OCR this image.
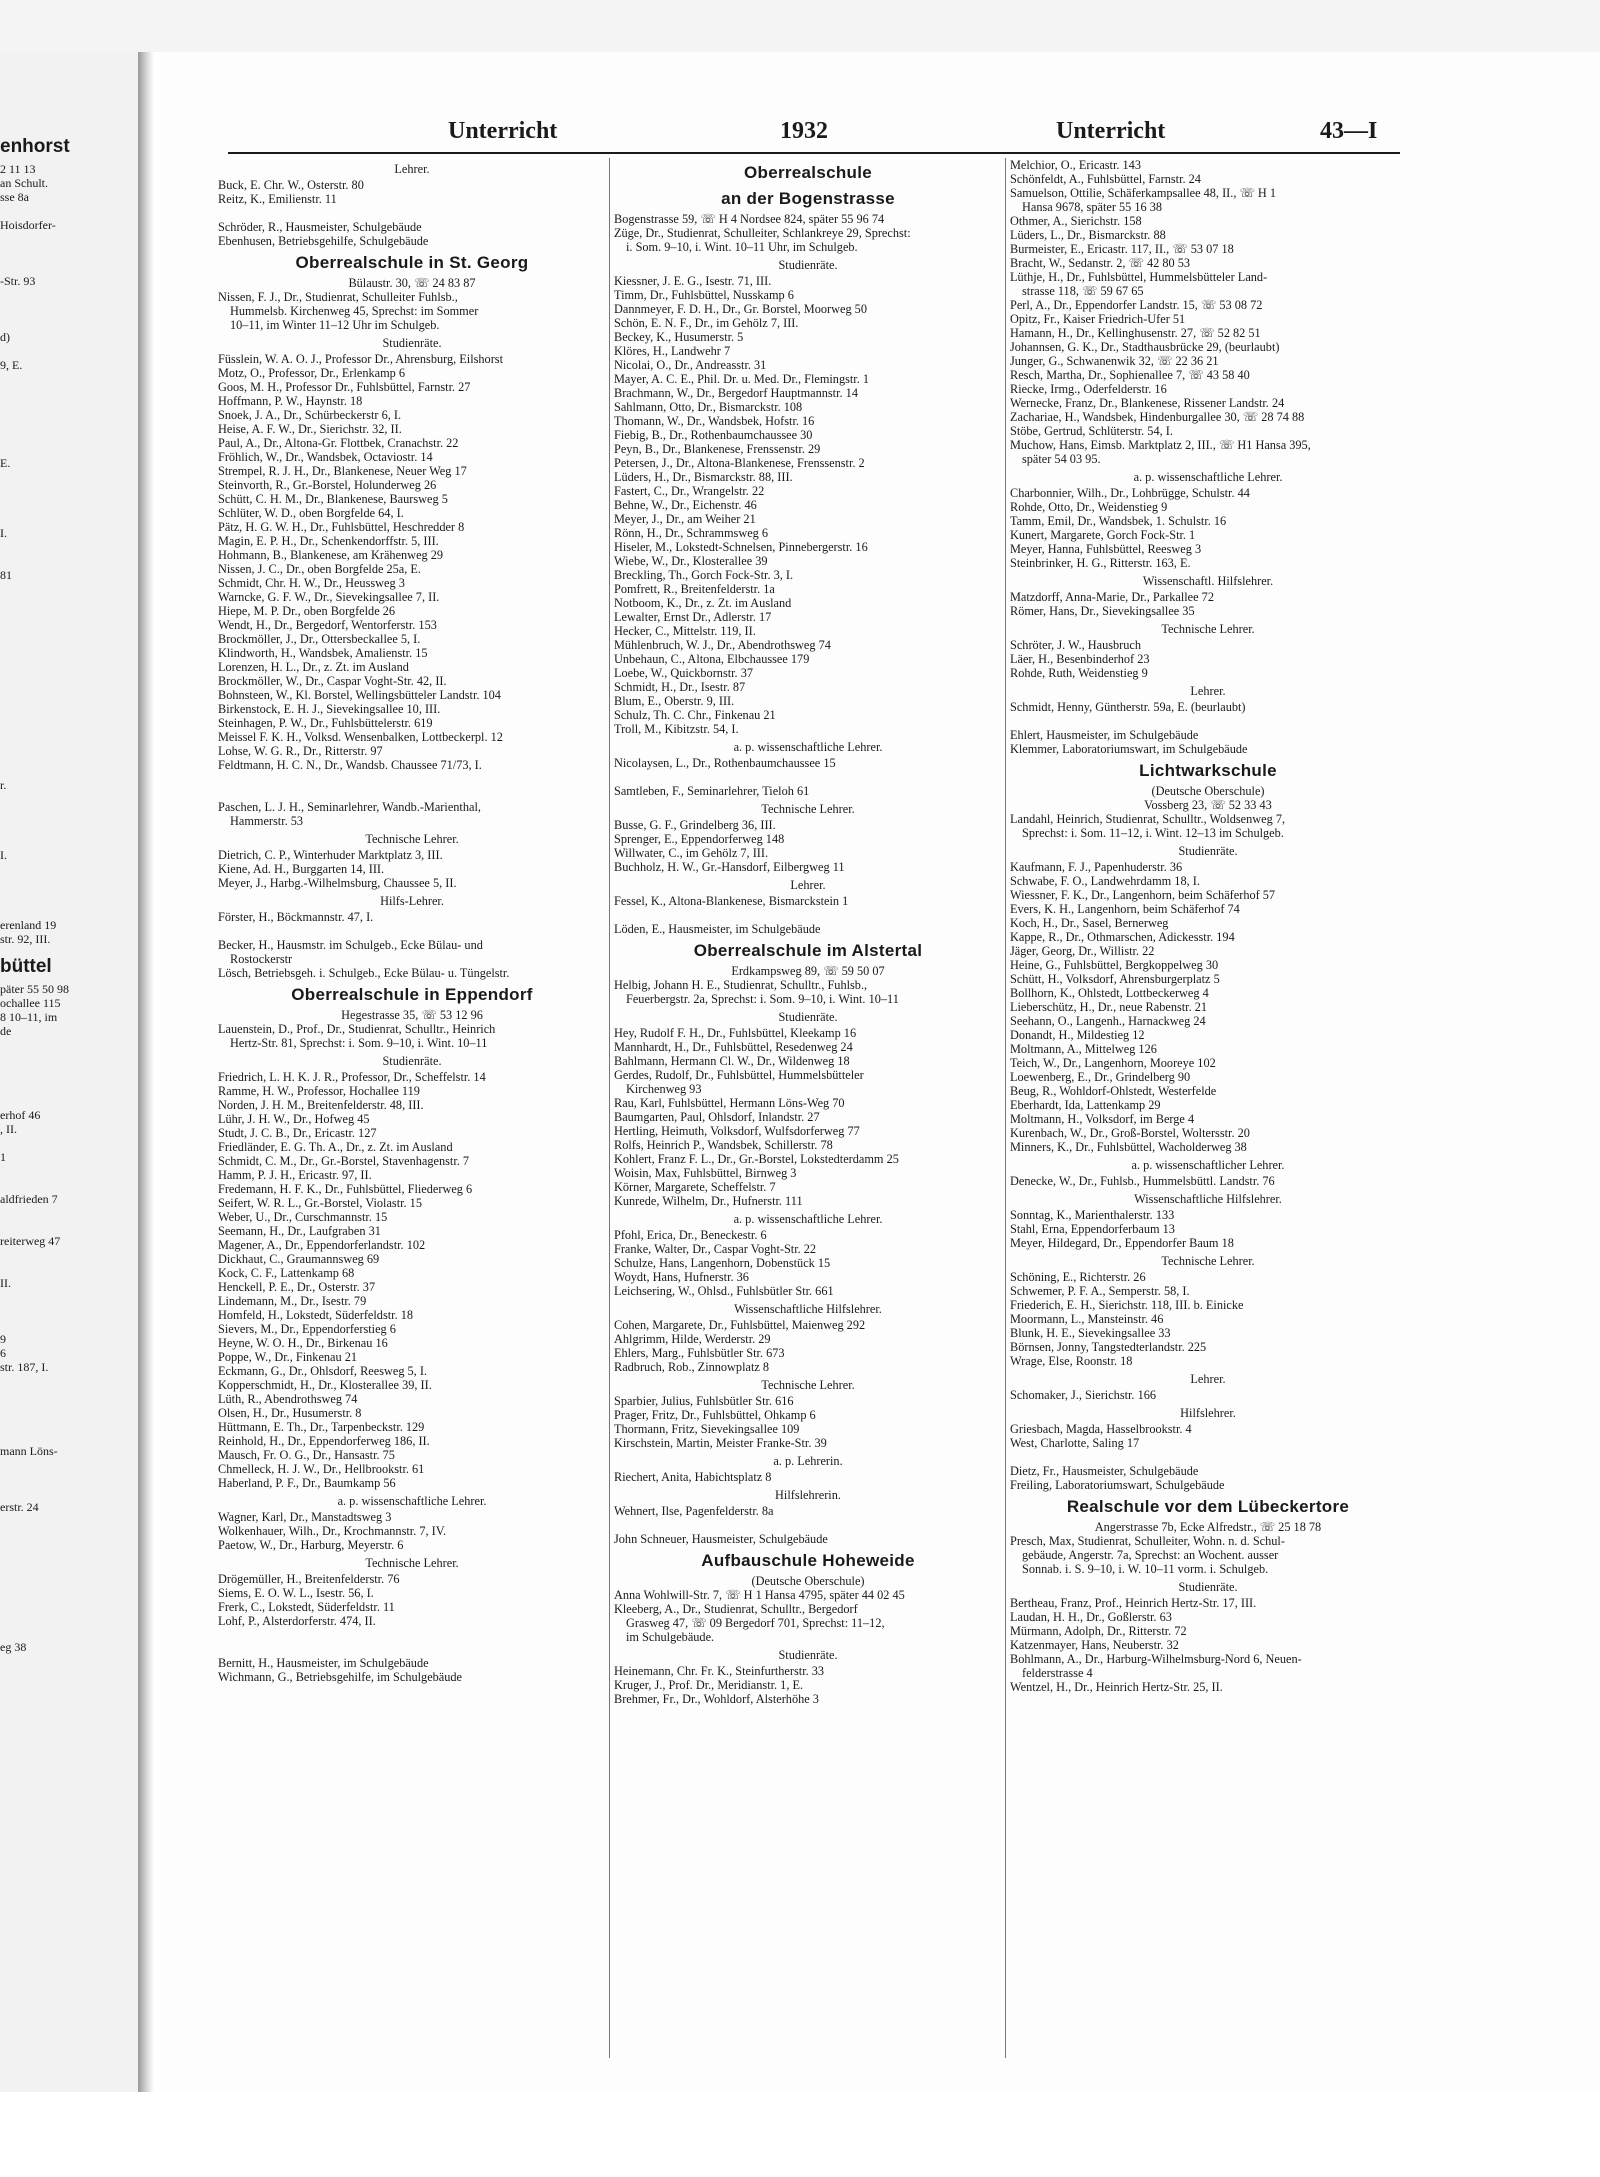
enhorst
2 11 13
an Schult.
sse 8a
Hoisdorfer-
-Str. 93
d)
9, E.
E.
I.
81
r.
I.
erenland 19
str. 92, III.
büttel
päter 55 50 98
ochallee 115
8 10–11, im
de
erhof 46
, II.
1
aldfrieden 7
reiterweg 47
II.
9
6
str. 187, I.
mann Löns-
erstr. 24
eg 38
Unterricht	1932	Unterricht	43—I
Lehrer.
Buck, E. Chr. W., Osterstr. 80
Reitz, K., Emilienstr. 11
Schröder, R., Hausmeister, Schulgebäude
Ebenhusen, Betriebsgehilfe, Schulgebäude
Oberrealschule in St. Georg
Bülaustr. 30, ☏ 24 83 87
Nissen, F. J., Dr., Studienrat, Schulleiter Fuhlsb.,
Hummelsb. Kirchenweg 45, Sprechst: im Sommer
10–11, im Winter 11–12 Uhr im Schulgeb.
Studienräte.
Füsslein, W. A. O. J., Professor Dr., Ahrensburg, Eilshorst
Motz, O., Professor, Dr., Erlenkamp 6
Goos, M. H., Professor Dr., Fuhlsbüttel, Farnstr. 27
Hoffmann, P. W., Haynstr. 18
Snoek, J. A., Dr., Schürbeckerstr 6, I.
Heise, A. F. W., Dr., Sierichstr. 32, II.
Paul, A., Dr., Altona-Gr. Flottbek, Cranachstr. 22
Fröhlich, W., Dr., Wandsbek, Octaviostr. 14
Strempel, R. J. H., Dr., Blankenese, Neuer Weg 17
Steinvorth, R., Gr.-Borstel, Holunderweg 26
Schütt, C. H. M., Dr., Blankenese, Baursweg 5
Schlüter, W. D., oben Borgfelde 64, I.
Pätz, H. G. W. H., Dr., Fuhlsbüttel, Heschredder 8
Magin, E. P. H., Dr., Schenkendorffstr. 5, III.
Hohmann, B., Blankenese, am Krähenweg 29
Nissen, J. C., Dr., oben Borgfelde 25a, E.
Schmidt, Chr. H. W., Dr., Heussweg 3
Warncke, G. F. W., Dr., Sievekingsallee 7, II.
Hiepe, M. P. Dr., oben Borgfelde 26
Wendt, H., Dr., Bergedorf, Wentorferstr. 153
Brockmöller, J., Dr., Ottersbeckallee 5, I.
Klindworth, H., Wandsbek, Amalienstr. 15
Lorenzen, H. L., Dr., z. Zt. im Ausland
Brockmöller, W., Dr., Caspar Voght-Str. 42, II.
Bohnsteen, W., Kl. Borstel, Wellingsbütteler Landstr. 104
Birkenstock, E. H. J., Sievekingsallee 10, III.
Steinhagen, P. W., Dr., Fuhlsbüttelerstr. 619
Meissel F. K. H., Volksd. Wensenbalken, Lottbeckerpl. 12
Lohse, W. G. R., Dr., Ritterstr. 97
Feldtmann, H. C. N., Dr., Wandsb. Chaussee 71/73, I.
Paschen, L. J. H., Seminarlehrer, Wandb.-Marienthal,
Hammerstr. 53
Technische Lehrer.
Dietrich, C. P., Winterhuder Marktplatz 3, III.
Kiene, Ad. H., Burggarten 14, III.
Meyer, J., Harbg.-Wilhelmsburg, Chaussee 5, II.
Hilfs-Lehrer.
Förster, H., Böckmannstr. 47, I.
Becker, H., Hausmstr. im Schulgeb., Ecke Bülau- und
Rostockerstr
Lösch, Betriebsgeh. i. Schulgeb., Ecke Bülau- u. Tüngelstr.
Oberrealschule in Eppendorf
Hegestrasse 35, ☏ 53 12 96
Lauenstein, D., Prof., Dr., Studienrat, Schulltr., Heinrich
Hertz-Str. 81, Sprechst: i. Som. 9–10, i. Wint. 10–11
Studienräte.
Friedrich, L. H. K. J. R., Professor, Dr., Scheffelstr. 14
Ramme, H. W., Professor, Hochallee 119
Norden, J. H. M., Breitenfelderstr. 48, III.
Lühr, J. H. W., Dr., Hofweg 45
Studt, J. C. B., Dr., Ericastr. 127
Friedländer, E. G. Th. A., Dr., z. Zt. im Ausland
Schmidt, C. M., Dr., Gr.-Borstel, Stavenhagenstr. 7
Hamm, P. J. H., Ericastr. 97, II.
Fredemann, H. F. K., Dr., Fuhlsbüttel, Fliederweg 6
Seifert, W. R. L., Gr.-Borstel, Violastr. 15
Weber, U., Dr., Curschmannstr. 15
Seemann, H., Dr., Laufgraben 31
Magener, A., Dr., Eppendorferlandstr. 102
Dickhaut, C., Graumannsweg 69
Kock, C. F., Lattenkamp 68
Henckell, P. E., Dr., Osterstr. 37
Lindemann, M., Dr., Isestr. 79
Homfeld, H., Lokstedt, Süderfeldstr. 18
Sievers, M., Dr., Eppendorferstieg 6
Heyne, W. O. H., Dr., Birkenau 16
Poppe, W., Dr., Finkenau 21
Eckmann, G., Dr., Ohlsdorf, Reesweg 5, I.
Kopperschmidt, H., Dr., Klosterallee 39, II.
Lüth, R., Abendrothsweg 74
Olsen, H., Dr., Husumerstr. 8
Hüttmann, E. Th., Dr., Tarpenbeckstr. 129
Reinhold, H., Dr., Eppendorferweg 186, II.
Mausch, Fr. O. G., Dr., Hansastr. 75
Chmelleck, H. J. W., Dr., Hellbrookstr. 61
Haberland, P. F., Dr., Baumkamp 56
a. p. wissenschaftliche Lehrer.
Wagner, Karl, Dr., Manstadtsweg 3
Wolkenhauer, Wilh., Dr., Krochmannstr. 7, IV.
Paetow, W., Dr., Harburg, Meyerstr. 6
Technische Lehrer.
Drögemüller, H., Breitenfelderstr. 76
Siems, E. O. W. L., Isestr. 56, I.
Frerk, C., Lokstedt, Süderfeldstr. 11
Lohf, P., Alsterdorferstr. 474, II.
Bernitt, H., Hausmeister, im Schulgebäude
Wichmann, G., Betriebsgehilfe, im Schulgebäude
Oberrealschule
an der Bogenstrasse
Bogenstrasse 59, ☏ H 4 Nordsee 824, später 55 96 74
Züge, Dr., Studienrat, Schulleiter, Schlankreye 29, Sprechst:
i. Som. 9–10, i. Wint. 10–11 Uhr, im Schulgeb.
Studienräte.
Kiessner, J. E. G., Isestr. 71, III.
Timm, Dr., Fuhlsbüttel, Nusskamp 6
Dannmeyer, F. D. H., Dr., Gr. Borstel, Moorweg 50
Schön, E. N. F., Dr., im Gehölz 7, III.
Beckey, K., Husumerstr. 5
Klöres, H., Landwehr 7
Nicolai, O., Dr., Andreasstr. 31
Mayer, A. C. E., Phil. Dr. u. Med. Dr., Flemingstr. 1
Brachmann, W., Dr., Bergedorf Hauptmannstr. 14
Sahlmann, Otto, Dr., Bismarckstr. 108
Thomann, W., Dr., Wandsbek, Hofstr. 16
Fiebig, B., Dr., Rothenbaumchaussee 30
Peyn, B., Dr., Blankenese, Frenssenstr. 29
Petersen, J., Dr., Altona-Blankenese, Frenssenstr. 2
Lüders, H., Dr., Bismarckstr. 88, III.
Fastert, C., Dr., Wrangelstr. 22
Behne, W., Dr., Eichenstr. 46
Meyer, J., Dr., am Weiher 21
Rönn, H., Dr., Schrammsweg 6
Hiseler, M., Lokstedt-Schnelsen, Pinnebergerstr. 16
Wiebe, W., Dr., Klosterallee 39
Breckling, Th., Gorch Fock-Str. 3, I.
Pomfrett, R., Breitenfelderstr. 1a
Notboom, K., Dr., z. Zt. im Ausland
Lewalter, Ernst Dr., Adlerstr. 17
Hecker, C., Mittelstr. 119, II.
Mühlenbruch, W. J., Dr., Abendrothsweg 74
Unbehaun, C., Altona, Elbchaussee 179
Loebe, W., Quickbornstr. 37
Schmidt, H., Dr., Isestr. 87
Blum, E., Oberstr. 9, III.
Schulz, Th. C. Chr., Finkenau 21
Troll, M., Kibitzstr. 54, I.
a. p. wissenschaftliche Lehrer.
Nicolaysen, L., Dr., Rothenbaumchaussee 15
Samtleben, F., Seminarlehrer, Tieloh 61
Technische Lehrer.
Busse, G. F., Grindelberg 36, III.
Sprenger, E., Eppendorferweg 148
Willwater, C., im Gehölz 7, III.
Buchholz, H. W., Gr.-Hansdorf, Eilbergweg 11
Lehrer.
Fessel, K., Altona-Blankenese, Bismarckstein 1
Löden, E., Hausmeister, im Schulgebäude
Oberrealschule im Alstertal
Erdkampsweg 89, ☏ 59 50 07
Helbig, Johann H. E., Studienrat, Schulltr., Fuhlsb.,
Feuerbergstr. 2a, Sprechst: i. Som. 9–10, i. Wint. 10–11
Studienräte.
Hey, Rudolf F. H., Dr., Fuhlsbüttel, Kleekamp 16
Mannhardt, H., Dr., Fuhlsbüttel, Resedenweg 24
Bahlmann, Hermann Cl. W., Dr., Wildenweg 18
Gerdes, Rudolf, Dr., Fuhlsbüttel, Hummelsbütteler
Kirchenweg 93
Rau, Karl, Fuhlsbüttel, Hermann Löns-Weg 70
Baumgarten, Paul, Ohlsdorf, Inlandstr. 27
Hertling, Heimuth, Volksdorf, Wulfsdorferweg 77
Rolfs, Heinrich P., Wandsbek, Schillerstr. 78
Kohlert, Franz F. L., Dr., Gr.-Borstel, Lokstedterdamm 25
Woisin, Max, Fuhlsbüttel, Birnweg 3
Körner, Margarete, Scheffelstr. 7
Kunrede, Wilhelm, Dr., Hufnerstr. 111
a. p. wissenschaftliche Lehrer.
Pfohl, Erica, Dr., Beneckestr. 6
Franke, Walter, Dr., Caspar Voght-Str. 22
Schulze, Hans, Langenhorn, Dobenstück 15
Woydt, Hans, Hufnerstr. 36
Leichsering, W., Ohlsd., Fuhlsbütler Str. 661
Wissenschaftliche Hilfslehrer.
Cohen, Margarete, Dr., Fuhlsbüttel, Maienweg 292
Ahlgrimm, Hilde, Werderstr. 29
Ehlers, Marg., Fuhlsbütler Str. 673
Radbruch, Rob., Zinnowplatz 8
Technische Lehrer.
Sparbier, Julius, Fuhlsbütler Str. 616
Prager, Fritz, Dr., Fuhlsbüttel, Ohkamp 6
Thormann, Fritz, Sievekingsallee 109
Kirschstein, Martin, Meister Franke-Str. 39
a. p. Lehrerin.
Riechert, Anita, Habichtsplatz 8
Hilfslehrerin.
Wehnert, Ilse, Pagenfelderstr. 8a
John Schneuer, Hausmeister, Schulgebäude
Aufbauschule Hoheweide
(Deutsche Oberschule)
Anna Wohlwill-Str. 7, ☏ H 1 Hansa 4795, später 44 02 45
Kleeberg, A., Dr., Studienrat, Schulltr., Bergedorf
Grasweg 47, ☏ 09 Bergedorf 701, Sprechst: 11–12,
im Schulgebäude.
Studienräte.
Heinemann, Chr. Fr. K., Steinfurtherstr. 33
Kruger, J., Prof. Dr., Meridianstr. 1, E.
Brehmer, Fr., Dr., Wohldorf, Alsterhöhe 3
Melchior, O., Ericastr. 143
Schönfeldt, A., Fuhlsbüttel, Farnstr. 24
Samuelson, Ottilie, Schäferkampsallee 48, II., ☏ H 1
Hansa 9678, später 55 16 38
Othmer, A., Sierichstr. 158
Lüders, L., Dr., Bismarckstr. 88
Burmeister, E., Ericastr. 117, II., ☏ 53 07 18
Bracht, W., Sedanstr. 2, ☏ 42 80 53
Lüthje, H., Dr., Fuhlsbüttel, Hummelsbütteler Land-
strasse 118, ☏ 59 67 65
Perl, A., Dr., Eppendorfer Landstr. 15, ☏ 53 08 72
Opitz, Fr., Kaiser Friedrich-Ufer 51
Hamann, H., Dr., Kellinghusenstr. 27, ☏ 52 82 51
Johannsen, G. K., Dr., Stadthausbrücke 29, (beurlaubt)
Junger, G., Schwanenwik 32, ☏ 22 36 21
Resch, Martha, Dr., Sophienallee 7, ☏ 43 58 40
Riecke, Irmg., Oderfelderstr. 16
Wernecke, Franz, Dr., Blankenese, Rissener Landstr. 24
Zachariae, H., Wandsbek, Hindenburgallee 30, ☏ 28 74 88
Stöbe, Gertrud, Schlüterstr. 54, I.
Muchow, Hans, Eimsb. Marktplatz 2, III., ☏ H1 Hansa 395,
später 54 03 95.
a. p. wissenschaftliche Lehrer.
Charbonnier, Wilh., Dr., Lohbrügge, Schulstr. 44
Rohde, Otto, Dr., Weidenstieg 9
Tamm, Emil, Dr., Wandsbek, 1. Schulstr. 16
Kunert, Margarete, Gorch Fock-Str. 1
Meyer, Hanna, Fuhlsbüttel, Reesweg 3
Steinbrinker, H. G., Ritterstr. 163, E.
Wissenschaftl. Hilfslehrer.
Matzdorff, Anna-Marie, Dr., Parkallee 72
Römer, Hans, Dr., Sievekingsallee 35
Technische Lehrer.
Schröter, J. W., Hausbruch
Läer, H., Besenbinderhof 23
Rohde, Ruth, Weidenstieg 9
Lehrer.
Schmidt, Henny, Güntherstr. 59a, E. (beurlaubt)
Ehlert, Hausmeister, im Schulgebäude
Klemmer, Laboratoriumswart, im Schulgebäude
Lichtwarkschule
(Deutsche Oberschule)
Vossberg 23, ☏ 52 33 43
Landahl, Heinrich, Studienrat, Schulltr., Woldsenweg 7,
Sprechst: i. Som. 11–12, i. Wint. 12–13 im Schulgeb.
Studienräte.
Kaufmann, F. J., Papenhuderstr. 36
Schwabe, F. O., Landwehrdamm 18, I.
Wiessner, F. K., Dr., Langenhorn, beim Schäferhof 57
Evers, K. H., Langenhorn, beim Schäferhof 74
Koch, H., Dr., Sasel, Bernerweg
Kappe, R., Dr., Othmarschen, Adickesstr. 194
Jäger, Georg, Dr., Willistr. 22
Heine, G., Fuhlsbüttel, Bergkoppelweg 30
Schütt, H., Volksdorf, Ahrensburgerplatz 5
Bollhorn, K., Ohlstedt, Lottbeckerweg 4
Lieberschütz, H., Dr., neue Rabenstr. 21
Seehann, O., Langenh., Harnackweg 24
Donandt, H., Mildestieg 12
Moltmann, A., Mittelweg 126
Teich, W., Dr., Langenhorn, Mooreye 102
Loewenberg, E., Dr., Grindelberg 90
Beug, R., Wohldorf-Ohlstedt, Westerfelde
Eberhardt, Ida, Lattenkamp 29
Moltmann, H., Volksdorf, im Berge 4
Kurenbach, W., Dr., Groß-Borstel, Woltersstr. 20
Minners, K., Dr., Fuhlsbüttel, Wacholderweg 38
a. p. wissenschaftlicher Lehrer.
Denecke, W., Dr., Fuhlsb., Hummelsbüttl. Landstr. 76
Wissenschaftliche Hilfslehrer.
Sonntag, K., Marienthalerstr. 133
Stahl, Erna, Eppendorferbaum 13
Meyer, Hildegard, Dr., Eppendorfer Baum 18
Technische Lehrer.
Schöning, E., Richterstr. 26
Schwemer, P. F. A., Semperstr. 58, I.
Friederich, E. H., Sierichstr. 118, III. b. Einicke
Moormann, L., Mansteinstr. 46
Blunk, H. E., Sievekingsallee 33
Börnsen, Jonny, Tangstedterlandstr. 225
Wrage, Else, Roonstr. 18
Lehrer.
Schomaker, J., Sierichstr. 166
Hilfslehrer.
Griesbach, Magda, Hasselbrookstr. 4
West, Charlotte, Saling 17
Dietz, Fr., Hausmeister, Schulgebäude
Freiling, Laboratoriumswart, Schulgebäude
Realschule vor dem Lübeckertore
Angerstrasse 7b, Ecke Alfredstr., ☏ 25 18 78
Presch, Max, Studienrat, Schulleiter, Wohn. n. d. Schul-
gebäude, Angerstr. 7a, Sprechst: an Wochent. ausser
Sonnab. i. S. 9–10, i. W. 10–11 vorm. i. Schulgeb.
Studienräte.
Bertheau, Franz, Prof., Heinrich Hertz-Str. 17, III.
Laudan, H. H., Dr., Goßlerstr. 63
Mürmann, Adolph, Dr., Ritterstr. 72
Katzenmayer, Hans, Neuberstr. 32
Bohlmann, A., Dr., Harburg-Wilhelmsburg-Nord 6, Neuen-
felderstrasse 4
Wentzel, H., Dr., Heinrich Hertz-Str. 25, II.
